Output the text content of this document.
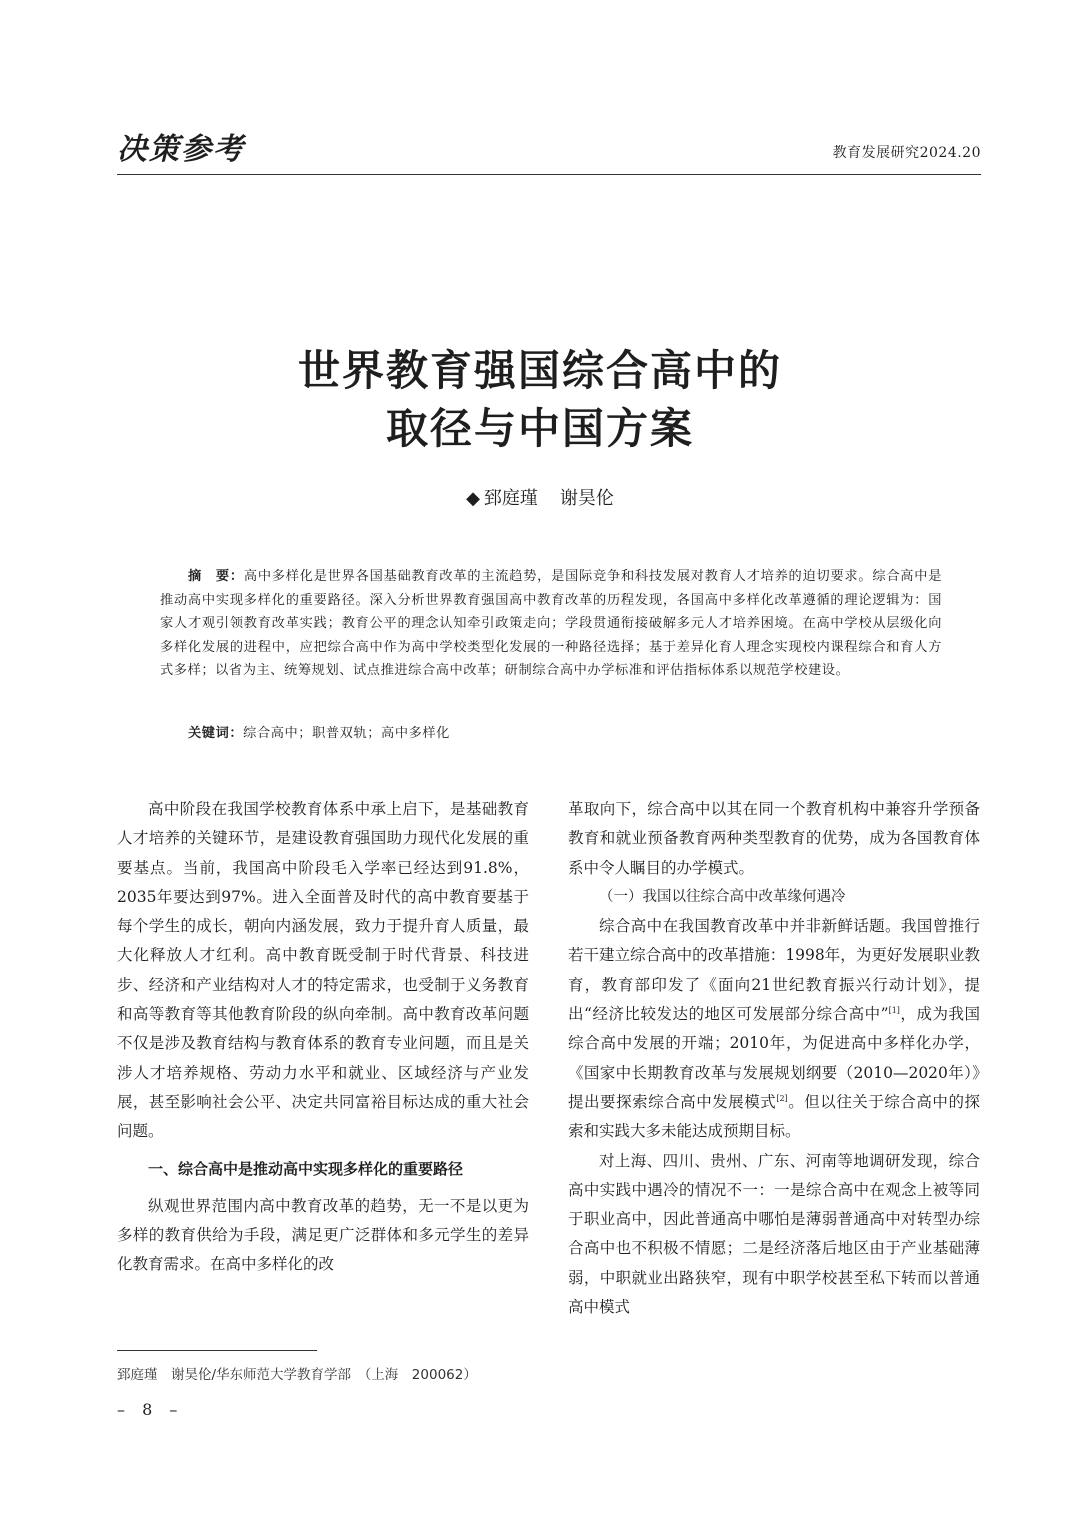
决策参考	教育发展研究2024.20
世界教育强国综合高中的
取径与中国方案
◆ 郅庭瑾 谢昊伦
摘　要：高中多样化是世界各国基础教育改革的主流趋势，是国际竞争和科技发展对教育人才培养的迫切要求。综合高中是推动高中实现多样化的重要路径。深入分析世界教育强国高中教育改革的历程发现，各国高中多样化改革遵循的理论逻辑为：国家人才观引领教育改革实践；教育公平的理念认知牵引政策走向；学段贯通衔接破解多元人才培养困境。在高中学校从层级化向多样化发展的进程中，应把综合高中作为高中学校类型化发展的一种路径选择；基于差异化育人理念实现校内课程综合和育人方式多样；以省为主、统筹规划、试点推进综合高中改革；研制综合高中办学标准和评估指标体系以规范学校建设。
关键词：综合高中；职普双轨；高中多样化

高中阶段在我国学校教育体系中承上启下，是基础教育人才培养的关键环节，是建设教育强国助力现代化发展的重要基点。当前，我国高中阶段毛入学率已经达到91.8%，2035年要达到97%。进入全面普及时代的高中教育要基于每个学生的成长，朝向内涵发展，致力于提升育人质量，最大化释放人才红利。高中教育既受制于时代背景、科技进步、经济和产业结构对人才的特定需求，也受制于义务教育和高等教育等其他教育阶段的纵向牵制。高中教育改革问题不仅是涉及教育结构与教育体系的教育专业问题，而且是关涉人才培养规格、劳动力水平和就业、区域经济与产业发展，甚至影响社会公平、决定共同富裕目标达成的重大社会问题。

一、综合高中是推动高中实现多样化的重要路径

纵观世界范围内高中教育改革的趋势，无一不是以更为多样的教育供给为手段，满足更广泛群体和多元学生的差异化教育需求。在高中多样化的改

革取向下，综合高中以其在同一个教育机构中兼容升学预备教育和就业预备教育两种类型教育的优势，成为各国教育体系中令人瞩目的办学模式。

（一）我国以往综合高中改革缘何遇冷

综合高中在我国教育改革中并非新鲜话题。我国曾推行若干建立综合高中的改革措施：1998年，为更好发展职业教育，教育部印发了《面向21世纪教育振兴行动计划》，提出“经济比较发达的地区可发展部分综合高中”[1]，成为我国综合高中发展的开端；2010年，为促进高中多样化办学，《国家中长期教育改革与发展规划纲要（2010—2020年）》提出要探索综合高中发展模式[2]。但以往关于综合高中的探索和实践大多未能达成预期目标。

对上海、四川、贵州、广东、河南等地调研发现，综合高中实践中遇冷的情况不一：一是综合高中在观念上被等同于职业高中，因此普通高中哪怕是薄弱普通高中对转型办综合高中也不积极不情愿；二是经济落后地区由于产业基础薄弱，中职就业出路狭窄，现有中职学校甚至私下转而以普通高中模式

郅庭瑾　谢昊伦/华东师范大学教育学部　（上海　200062）
– 8 –
